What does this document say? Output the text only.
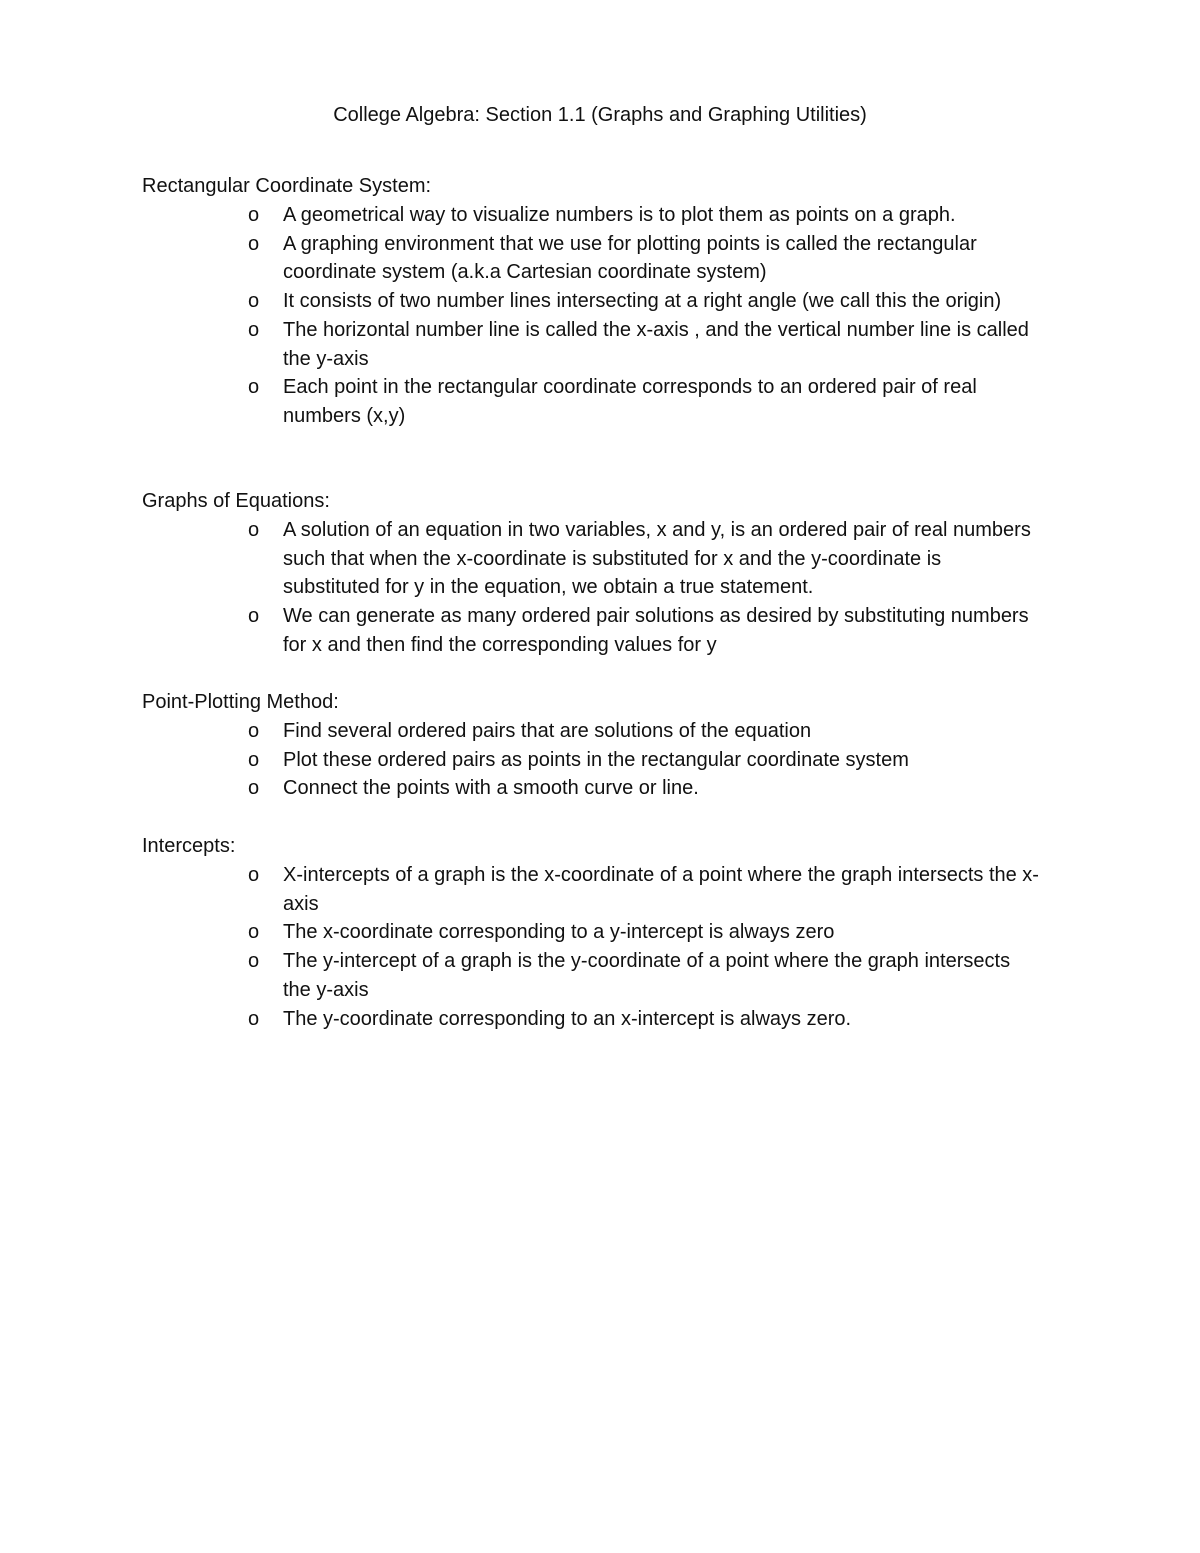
College Algebra: Section 1.1 (Graphs and Graphing Utilities)
Rectangular Coordinate System:
o A geometrical way to visualize numbers is to plot them as points on a graph.
o A graphing environment that we use for plotting points is called the rectangular coordinate system (a.k.a Cartesian coordinate system)
o It consists of two number lines intersecting at a right angle (we call this the origin)
o The horizontal number line is called the x-axis , and the vertical number line is called the y-axis
o Each point in the rectangular coordinate corresponds to an ordered pair of real numbers (x,y)
Graphs of Equations:
o A solution of an equation in two variables, x and y, is an ordered pair of real numbers such that when the x-coordinate is substituted for x and the y-coordinate is substituted for y in the equation, we obtain a true statement.
o We can generate as many ordered pair solutions as desired by substituting numbers for x and then find the corresponding values for y
Point-Plotting Method:
o Find several ordered pairs that are solutions of the equation
o Plot these ordered pairs as points in the rectangular coordinate system
o Connect the points with a smooth curve or line.
Intercepts:
o X-intercepts of a graph is the x-coordinate of a point where the graph intersects the x-axis
o The x-coordinate corresponding to a y-intercept is always zero
o The y-intercept of a graph is the y-coordinate of a point where the graph intersects the y-axis
o The y-coordinate corresponding to an x-intercept is always zero.
